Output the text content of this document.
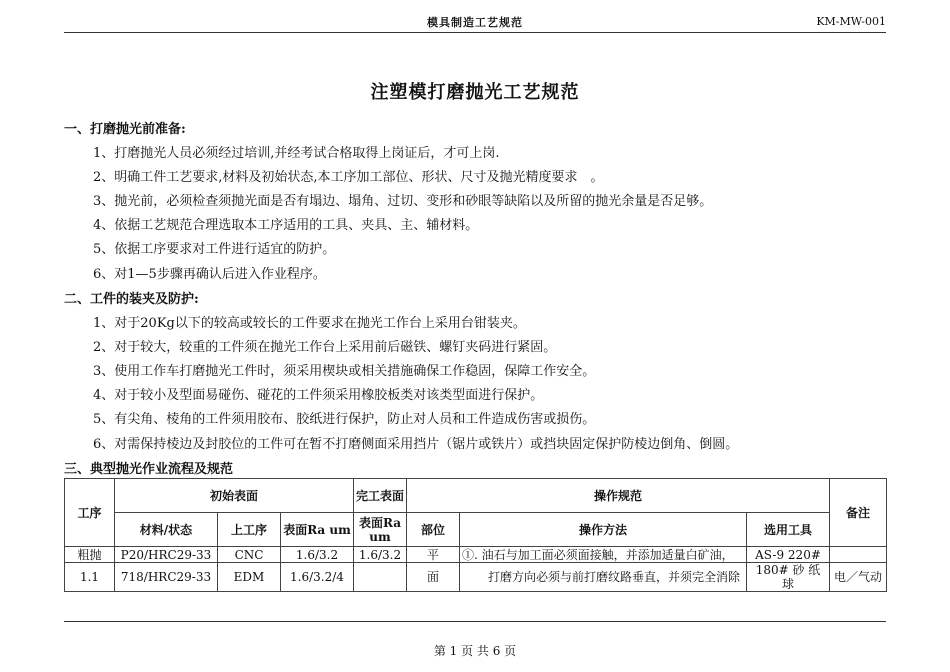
模具制造工艺规范	KM-MW-001
注塑模打磨抛光工艺规范
一、打磨抛光前准备:
1、打磨抛光人员必须经过培训,并经考试合格取得上岗证后，才可上岗.
2、明确工件工艺要求,材料及初始状态,本工序加工部位、形状、尺寸及抛光精度要求　。
3、抛光前，必须检查须抛光面是否有塌边、塌角、过切、变形和砂眼等缺陷以及所留的抛光余量是否足够。
4、依据工艺规范合理选取本工序适用的工具、夹具、主、辅材料。
5、依据工序要求对工件进行适宜的防护。
6、对1—5步骤再确认后进入作业程序。
二、工件的装夹及防护:
1、对于20Kg以下的较高或较长的工件要求在抛光工作台上采用台钳装夹。
2、对于较大，较重的工件须在抛光工作台上采用前后磁铁、螺钉夹码进行紧固。
3、使用工作车打磨抛光工件时，须采用楔块或相关措施确保工作稳固，保障工作安全。
4、对于较小及型面易碰伤、碰花的工件须采用橡胶板类对该类型面进行保护。
5、有尖角、棱角的工件须用胶布、胶纸进行保护，防止对人员和工件造成伤害或损伤。
6、对需保持棱边及封胶位的工件可在暂不打磨侧面采用挡片（锯片或铁片）或挡块固定保护防棱边倒角、倒圆。
三、典型抛光作业流程及规范
工序	初始表面			完工表面	操作规范			备注
	材料/状态	上工序	表面Ra um	表面Ra um	部位	操作方法	选用工具	
粗抛	P20/HRC29-33	CNC	1.6/3.2	1.6/3.2	平	①. 油石与加工面必须面接触，并添加适量白矿油，	AS-9 220#	
1.1	718/HRC29-33	EDM	1.6/3.2/4		面	打磨方向必须与前打磨纹路垂直，并须完全消除	180# 砂 纸 球	电／气动
第 1 页 共 6 页
